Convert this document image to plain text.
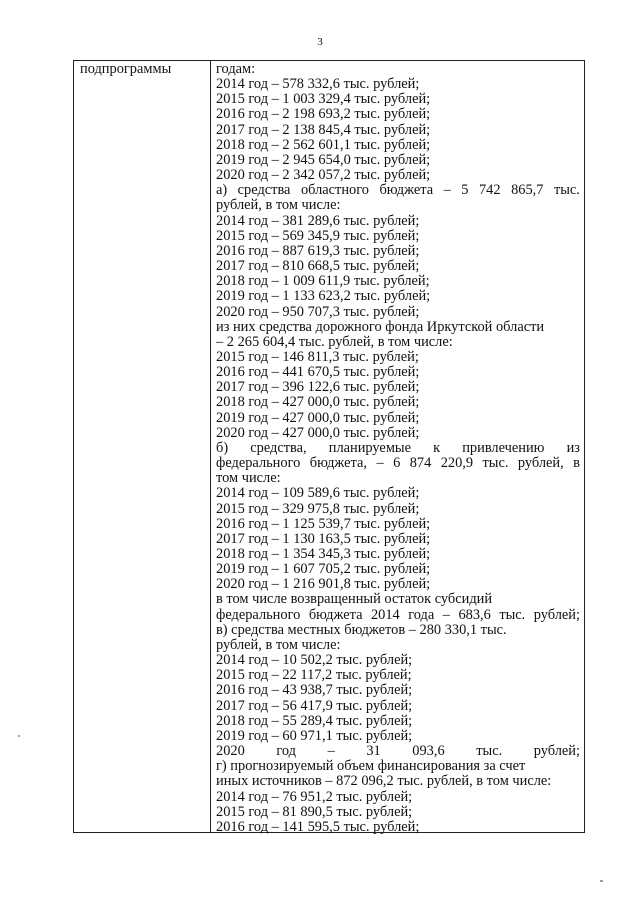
3
подпрограммы	годам:
2014 год – 578 332,6 тыс. рублей;
2015 год – 1 003 329,4 тыс. рублей;
2016 год – 2 198 693,2 тыс. рублей;
2017 год – 2 138 845,4 тыс. рублей;
2018 год – 2 562 601,1 тыс. рублей;
2019 год – 2 945 654,0 тыс. рублей;
2020 год – 2 342 057,2 тыс. рублей;
а) средства областного бюджета – 5 742 865,7 тыс.
рублей, в том числе:
2014 год – 381 289,6 тыс. рублей;
2015 год – 569 345,9 тыс. рублей;
2016 год – 887 619,3 тыс. рублей;
2017 год – 810 668,5 тыс. рублей;
2018 год – 1 009 611,9 тыс. рублей;
2019 год – 1 133 623,2 тыс. рублей;
2020 год – 950 707,3 тыс. рублей;
из них средства дорожного фонда Иркутской области
– 2 265 604,4 тыс. рублей, в том числе:
2015 год – 146 811,3 тыс. рублей;
2016 год – 441 670,5 тыс. рублей;
2017 год – 396 122,6 тыс. рублей;
2018 год – 427 000,0 тыс. рублей;
2019 год – 427 000,0 тыс. рублей;
2020 год – 427 000,0 тыс. рублей;
б) средства, планируемые к привлечению из
федерального бюджета, – 6 874 220,9 тыс. рублей, в
том числе:
2014 год – 109 589,6 тыс. рублей;
2015 год – 329 975,8 тыс. рублей;
2016 год – 1 125 539,7 тыс. рублей;
2017 год – 1 130 163,5 тыс. рублей;
2018 год – 1 354 345,3 тыс. рублей;
2019 год – 1 607 705,2 тыс. рублей;
2020 год – 1 216 901,8 тыс. рублей;
в том числе возвращенный остаток субсидий
федерального бюджета 2014 года – 683,6 тыс. рублей;
в) средства местных бюджетов – 280 330,1 тыс.
рублей, в том числе:
2014 год – 10 502,2 тыс. рублей;
2015 год – 22 117,2 тыс. рублей;
2016 год – 43 938,7 тыс. рублей;
2017 год – 56 417,9 тыс. рублей;
2018 год – 55 289,4 тыс. рублей;
2019 год – 60 971,1 тыс. рублей;
2020 год – 31 093,6 тыс. рублей;
г) прогнозируемый объем финансирования за счет
иных источников – 872 096,2 тыс. рублей, в том числе:
2014 год – 76 951,2 тыс. рублей;
2015 год – 81 890,5 тыс. рублей;
2016 год – 141 595,5 тыс. рублей;
